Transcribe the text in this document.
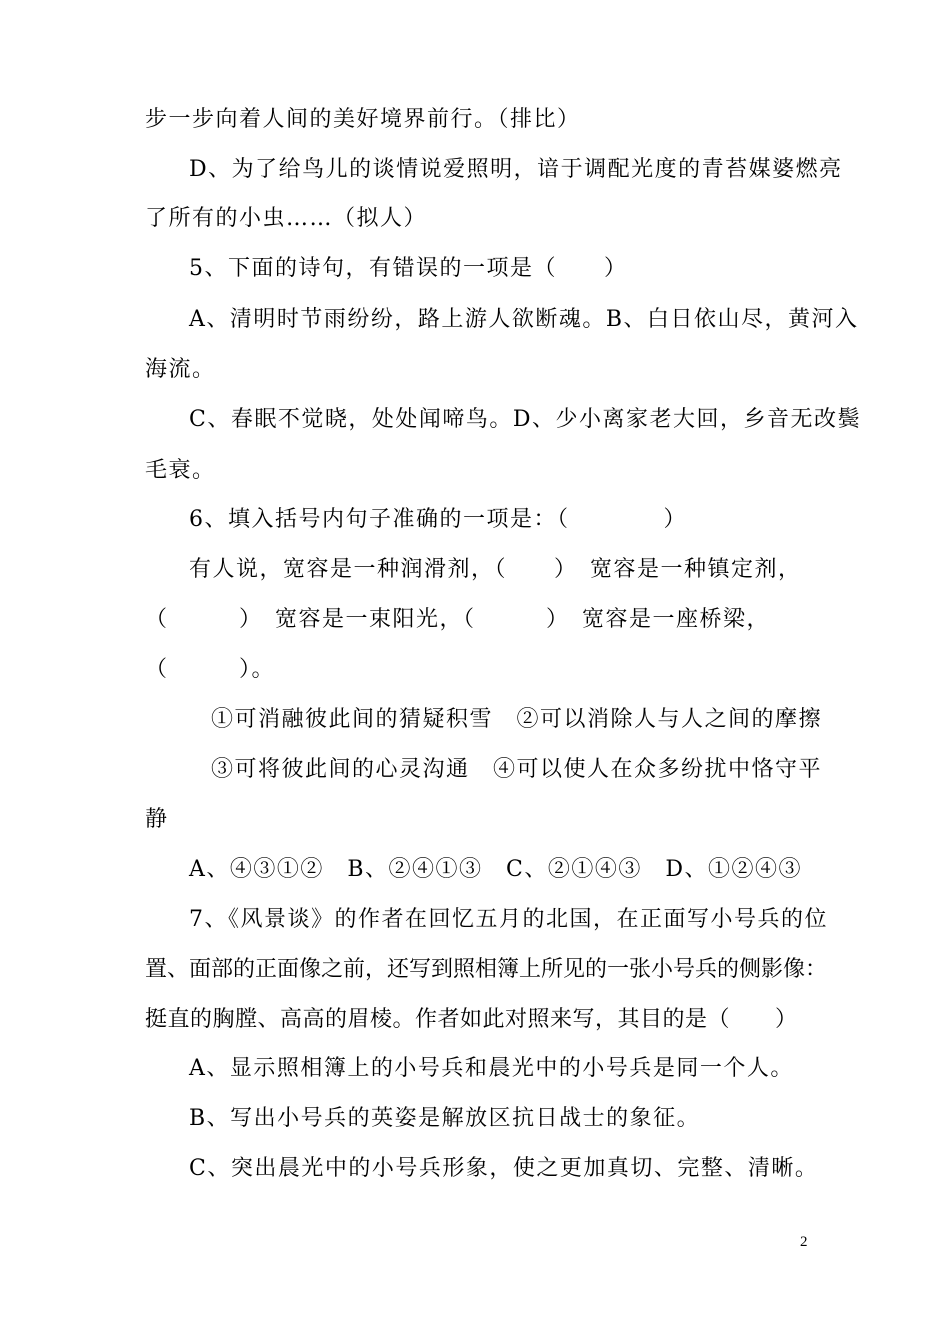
步一步向着人间的美好境界前行。（排比）
D、为了给鸟儿的谈情说爱照明，谙于调配光度的青苔媒婆燃亮
了所有的小虫……（拟人）
5、下面的诗句，有错误的一项是（　　）
A、清明时节雨纷纷，路上游人欲断魂。B、白日依山尽，黄河入
海流。
C、春眠不觉晓，处处闻啼鸟。D、少小离家老大回，乡音无改鬓
毛衰。
6、填入括号内句子准确的一项是：（　　　　）
有人说，宽容是一种润滑剂，（　　）　宽容是一种镇定剂，
（　　　）　宽容是一束阳光，（　　　）　宽容是一座桥梁，
（　　　）。
①可消融彼此间的猜疑积雪　②可以消除人与人之间的摩擦
③可将彼此间的心灵沟通　④可以使人在众多纷扰中恪守平
静
A、④③①②　B、②④①③　C、②①④③　D、①②④③
7、《风景谈》的作者在回忆五月的北国，在正面写小号兵的位
置、面部的正面像之前，还写到照相簿上所见的一张小号兵的侧影像：
挺直的胸膛、高高的眉棱。作者如此对照来写，其目的是（　　）
A、显示照相簿上的小号兵和晨光中的小号兵是同一个人。
B、写出小号兵的英姿是解放区抗日战士的象征。
C、突出晨光中的小号兵形象，使之更加真切、完整、清晰。
2
